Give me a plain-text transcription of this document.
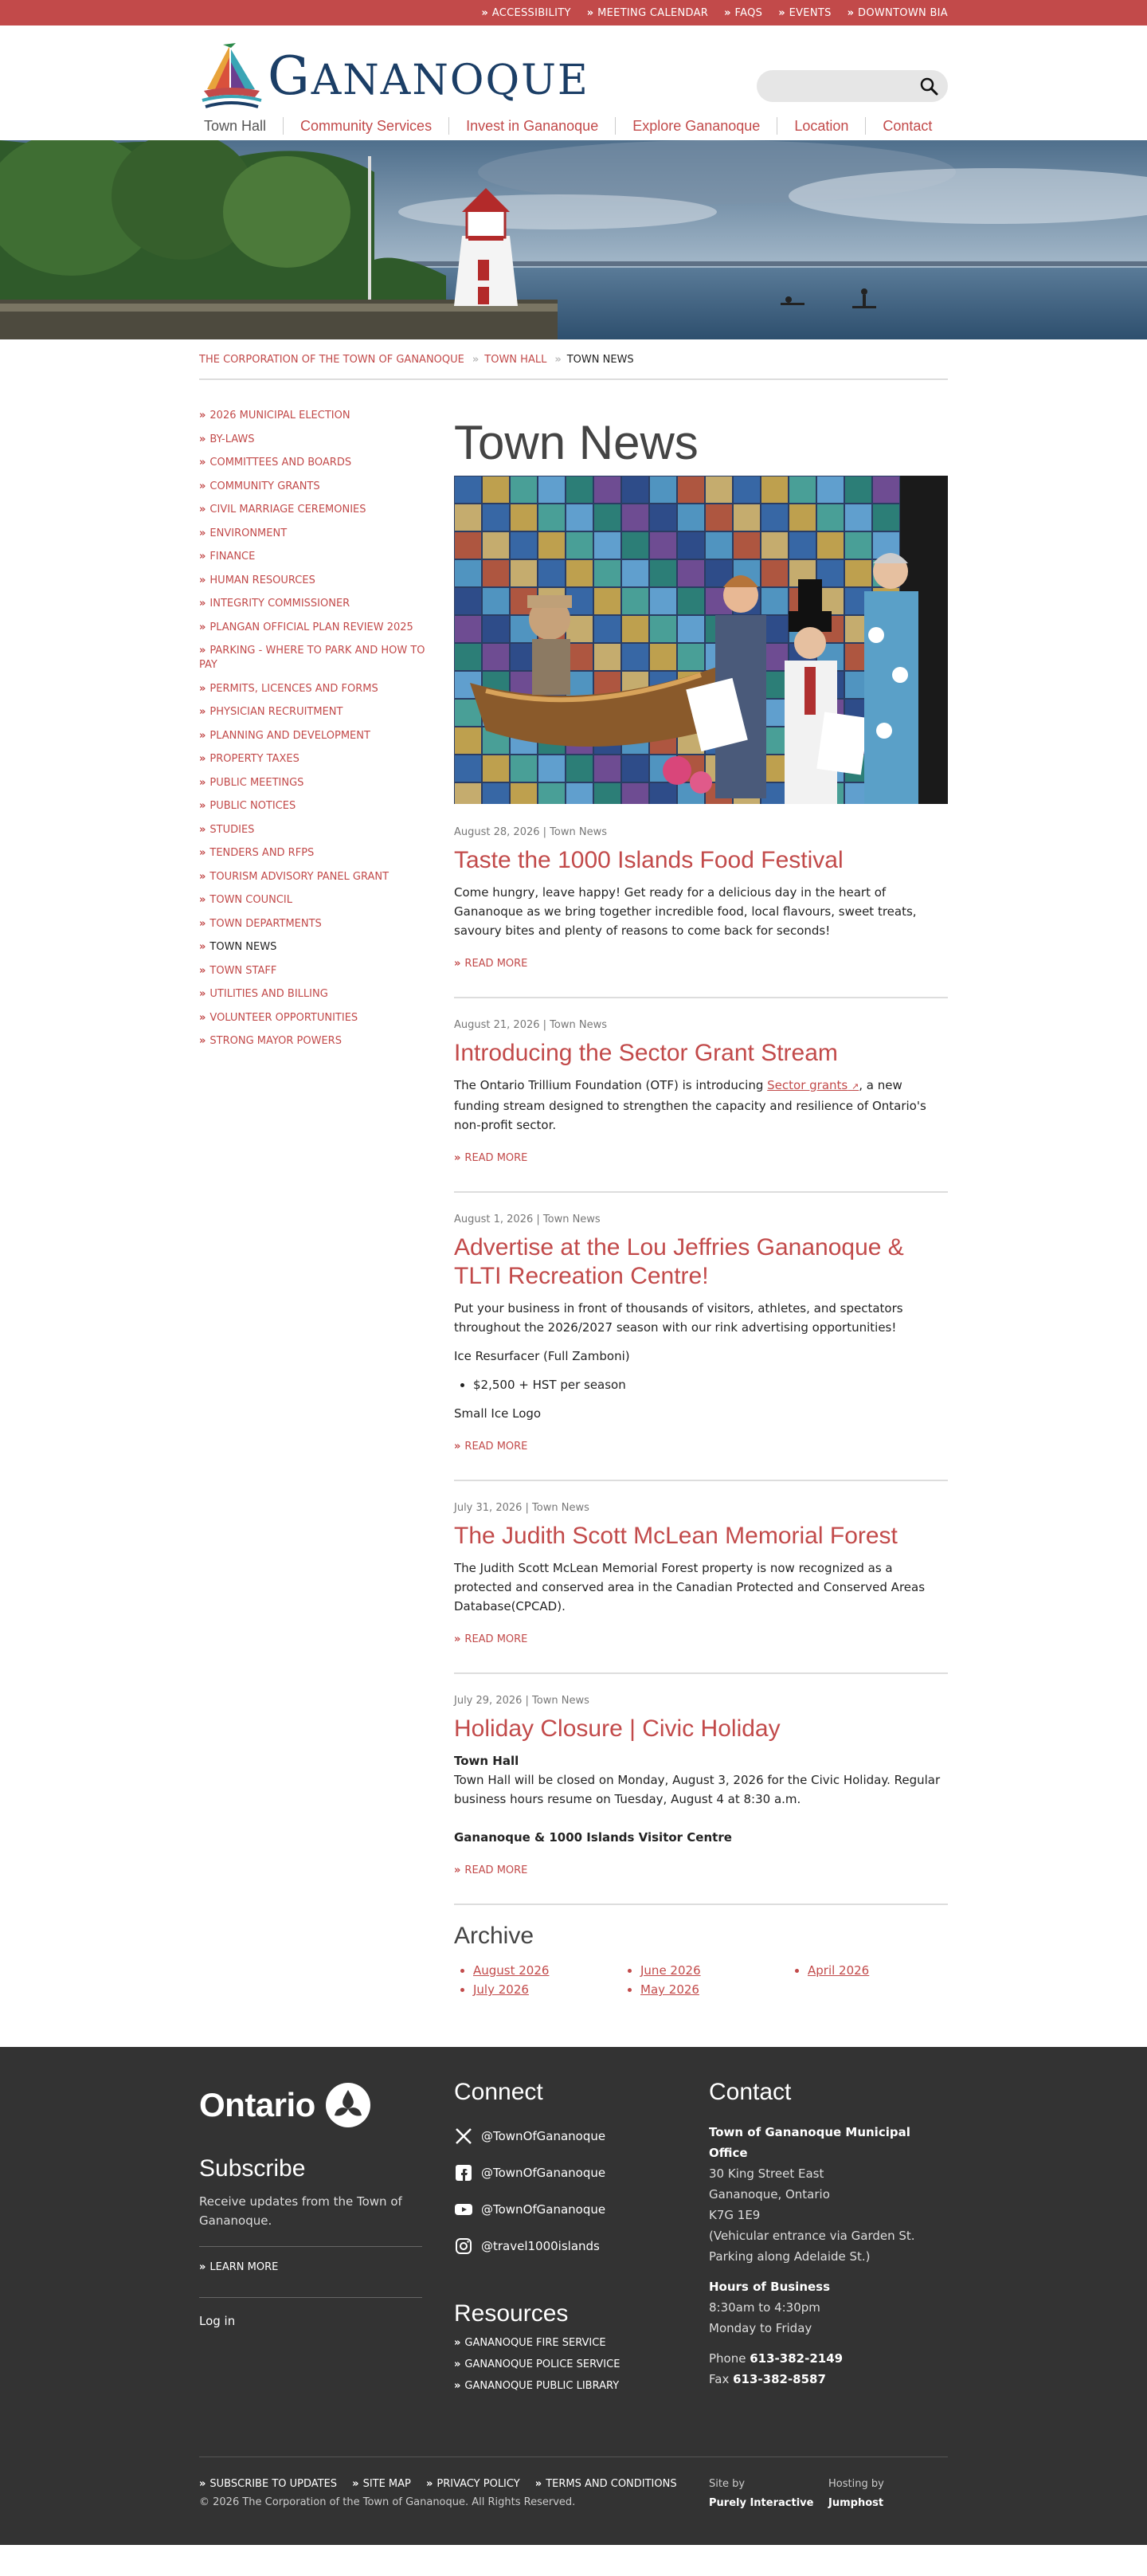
» ACCESSIBILITY » MEETING CALENDAR » FAQS » EVENTS » DOWNTOWN BIA
GANANOQUE
Town Hall	Community Services	Invest in Gananoque	Explore Gananoque	Location	Contact
THE CORPORATION OF THE TOWN OF GANANOQUE » TOWN HALL » TOWN NEWS
» 2026 MUNICIPAL ELECTION
» BY-LAWS
» COMMITTEES AND BOARDS
» COMMUNITY GRANTS
» CIVIL MARRIAGE CEREMONIES
» ENVIRONMENT
» FINANCE
» HUMAN RESOURCES
» INTEGRITY COMMISSIONER
» PLANGAN OFFICIAL PLAN REVIEW 2025
» PARKING - WHERE TO PARK AND HOW TO PAY
» PERMITS, LICENCES AND FORMS
» PHYSICIAN RECRUITMENT
» PLANNING AND DEVELOPMENT
» PROPERTY TAXES
» PUBLIC MEETINGS
» PUBLIC NOTICES
» STUDIES
» TENDERS AND RFPS
» TOURISM ADVISORY PANEL GRANT
» TOWN COUNCIL
» TOWN DEPARTMENTS
» TOWN NEWS
» TOWN STAFF
» UTILITIES AND BILLING
» VOLUNTEER OPPORTUNITIES
» STRONG MAYOR POWERS
Town News
August 28, 2026 | Town News
Taste the 1000 Islands Food Festival

Come hungry, leave happy! Get ready for a delicious day in the heart of Gananoque as we bring together incredible food, local flavours, sweet treats, savoury bites and plenty of reasons to come back for seconds!

» READ MORE
August 21, 2026 | Town News
Introducing the Sector Grant Stream

The Ontario Trillium Foundation (OTF) is introducing Sector grants ↗, a new funding stream designed to strengthen the capacity and resilience of Ontario's non-profit sector.

» READ MORE
August 1, 2026 | Town News
Advertise at the Lou Jeffries Gananoque & TLTI Recreation Centre!

Put your business in front of thousands of visitors, athletes, and spectators throughout the 2026/2027 season with our rink advertising opportunities!

Ice Resurfacer (Full Zamboni)

• $2,500 + HST per season

Small Ice Logo

» READ MORE
July 31, 2026 | Town News
The Judith Scott McLean Memorial Forest

The Judith Scott McLean Memorial Forest property is now recognized as a protected and conserved area in the Canadian Protected and Conserved Areas Database(CPCAD).

» READ MORE
July 29, 2026 | Town News
Holiday Closure | Civic Holiday

Town Hall
Town Hall will be closed on Monday, August 3, 2026 for the Civic Holiday. Regular business hours resume on Tuesday, August 4 at 8:30 a.m.

Gananoque & 1000 Islands Visitor Centre

» READ MORE
Archive
• August 2026	• June 2026	• April 2026
• July 2026	• May 2026
Ontario
Subscribe

Receive updates from the Town of Gananoque.

» LEARN MORE
Log in
Connect
@TownOfGananoque
@TownOfGananoque
@TownOfGananoque
@travel1000islands
Resources
» GANANOQUE FIRE SERVICE
» GANANOQUE POLICE SERVICE
» GANANOQUE PUBLIC LIBRARY
Contact
Town of Gananoque Municipal Office
30 King Street East
Gananoque, Ontario
K7G 1E9
(Vehicular entrance via Garden St.
Parking along Adelaide St.)
Hours of Business
8:30am to 4:30pm
Monday to Friday
Phone 613-382-2149
Fax 613-382-8587
» SUBSCRIBE TO UPDATES » SITE MAP » PRIVACY POLICY » TERMS AND CONDITIONS
© 2026 The Corporation of the Town of Gananoque. All Rights Reserved.
Site by
Purely Interactive
Hosting by
Jumphost
